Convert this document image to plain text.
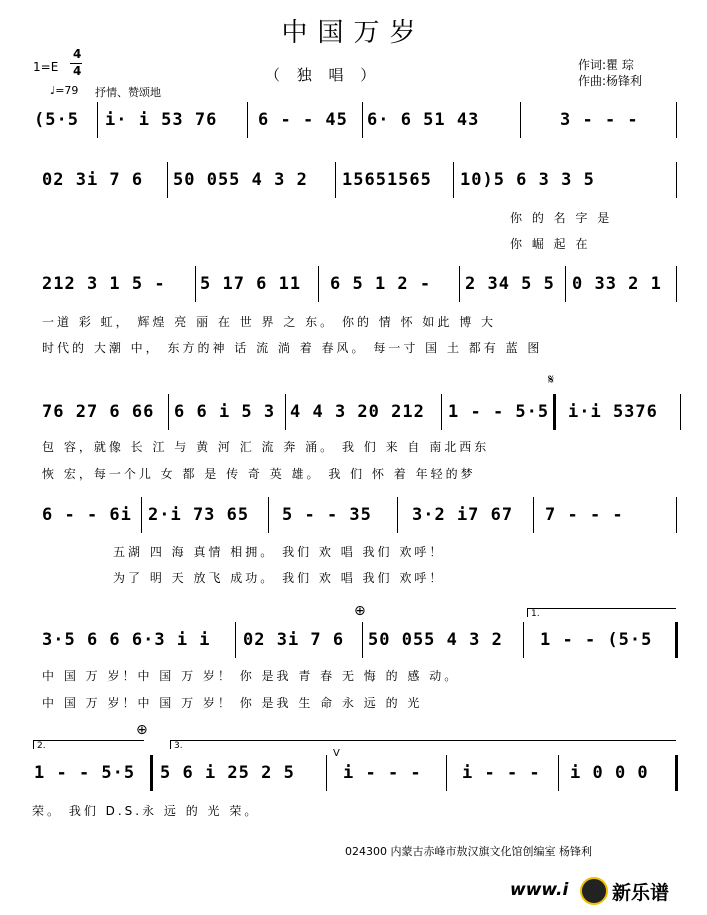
中国万岁
（ 独 唱 ）
作词:瞿 琮
作曲:杨锋利
1=E
4
4
♩=79 抒情、赞颂地
(5·5 i· i 53 76 6 - - 45 6· 6 51 43	3 - - -
02 3i 7 6 50 055 4 3 2 15651565 10)5 6 3 3 5
你 的 名 字 是
你 崛 起 在
212 3 1 5 - 5 17 6 11 6 5 1 2 - 2 34 5 5 0 33 2 1
一道 彩 虹， 辉煌 亮 丽 在 世 界 之 东。 你的 情 怀 如此 博 大
时代的 大潮 中， 东方的神 话 流 淌 着 春风。 每一寸 国 土 都有 蓝 图
76 27 6 66 6 6 i 5 3 4 4 3 20 212 1 - - 5·5 i·i 5376
𝄋
包 容，就像 长 江 与 黄 河 汇 流 奔 涌。 我 们 来 自 南北西东
恢 宏，每一个儿 女 都 是 传 奇 英 雄。 我 们 怀 着 年轻的梦
6 - - 6i 2·i 73 65 5 - - 35 3·2 i7 67 7 - - -
五湖 四 海 真情 相拥。 我们 欢 唱 我们 欢呼！
为了 明 天 放飞 成功。 我们 欢 唱 我们 欢呼！
⊕	1.
3·5 6 6 6·3 i i 02 3i 7 6 50 055 4 3 2 1 - - (5·5
中 国 万 岁！中 国 万 岁！ 你 是我 青 春 无 悔 的 感 动。
中 国 万 岁！中 国 万 岁！ 你 是我 生 命 永 远 的 光
⊕
2.	3.
V
1 - - 5·5 5 6 i 25 2 5	i - - - i - - - i 0 0 0
荣。 我们 D.S.永 远 的 光 荣。
024300 内蒙古赤峰市敖汉旗文化馆创编室 杨锋利
www.i 新乐谱
